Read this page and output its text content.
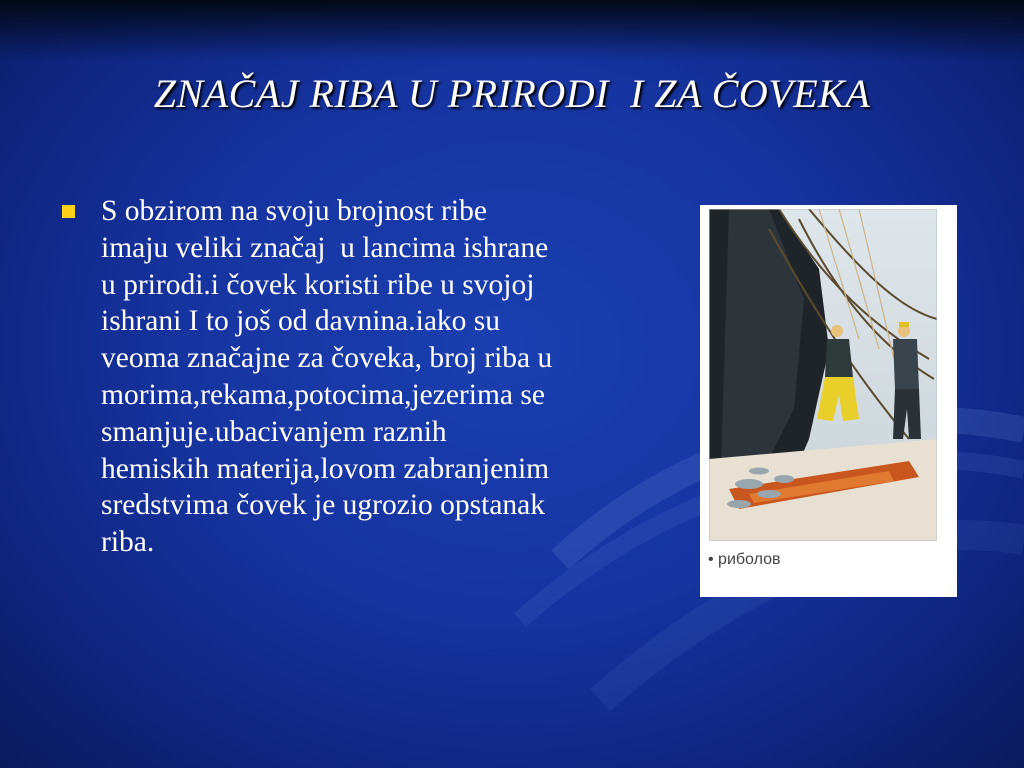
ZNAČAJ RIBA U PRIRODI  I ZA ČOVEKA

S obzirom na svoju brojnost ribe
imaju veliki značaj  u lancima ishrane
u prirodi.i čovek koristi ribe u svojoj
ishrani I to još od davnina.iako su
veoma značajne za čoveka, broj riba u
morima,rekama,potocima,jezerima se
smanjuje.ubacivanjem raznih
hemiskih materija,lovom zabranjenim
sredstvima čovek je ugrozio opstanak
riba.

• риболов
